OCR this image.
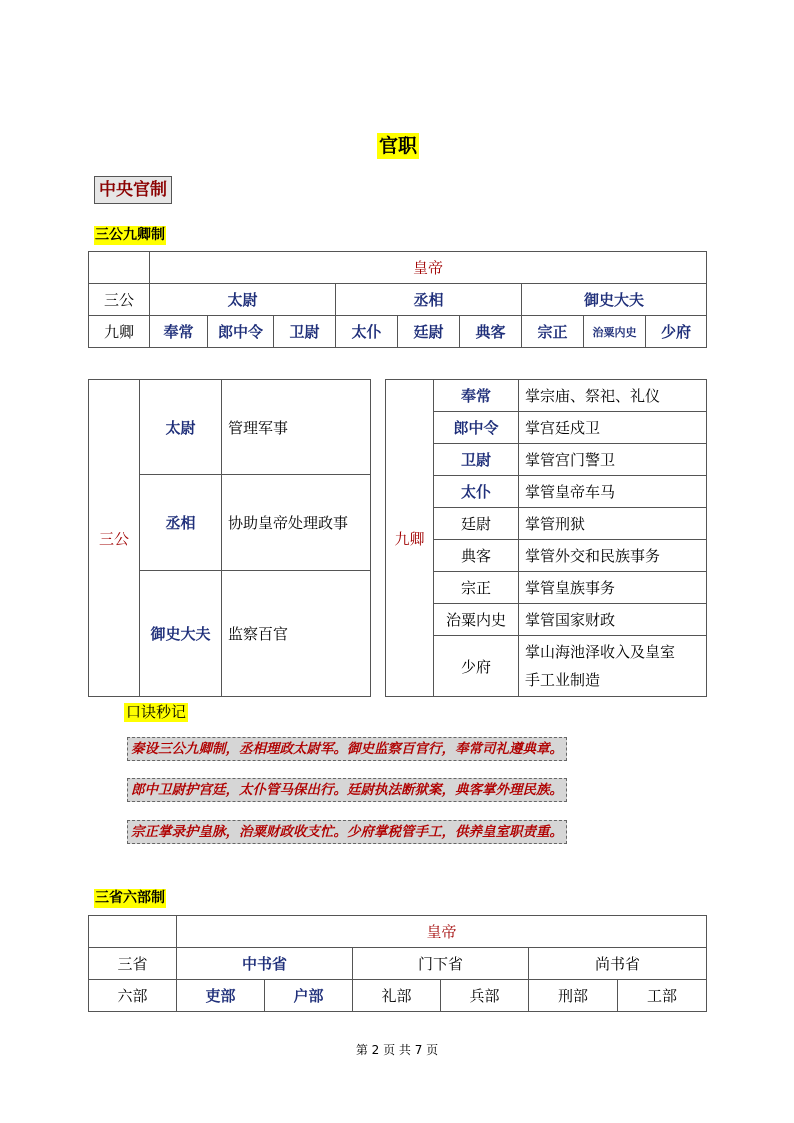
官职
中央官制
三公九卿制
	皇帝								
三公	太尉			丞相			御史大夫		
九卿	奉常	郎中令	卫尉	太仆	廷尉	典客	宗正	治粟内史	少府
三公	太尉	管理军事
	丞相	协助皇帝处理政事
	御史大夫	监察百官
九卿	奉常	掌宗庙、祭祀、礼仪
	郎中令	掌宫廷戍卫
	卫尉	掌管宫门警卫
	太仆	掌管皇帝车马
	廷尉	掌管刑狱
	典客	掌管外交和民族事务
	宗正	掌管皇族事务
	治粟内史	掌管国家财政
	少府	掌山海池泽收入及皇室
手工业制造
口诀秒记
秦设三公九卿制，丞相理政太尉军。御史监察百官行，奉常司礼遵典章。
郎中卫尉护宫廷，太仆管马保出行。廷尉执法断狱案，典客掌外理民族。
宗正掌录护皇脉，治粟财政收支忙。少府掌税管手工，供养皇室职责重。
三省六部制
	皇帝					
三省	中书省		门下省		尚书省	
六部	吏部	户部	礼部	兵部	刑部	工部
第 2 页 共 7 页
